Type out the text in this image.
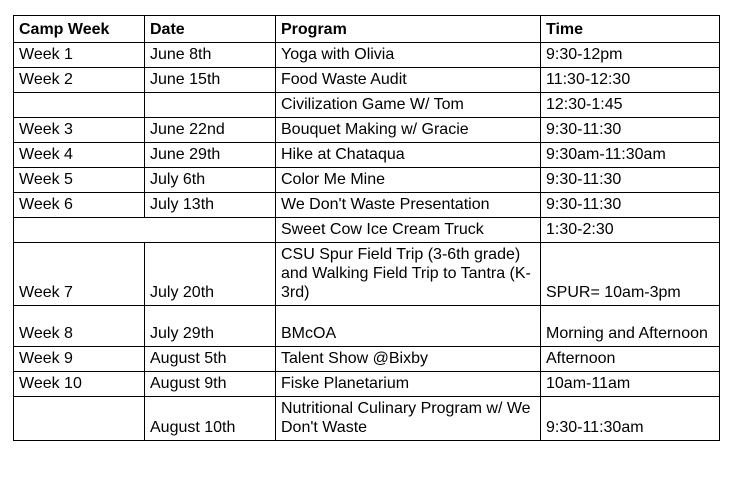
Camp Week	Date	Program	Time
Week 1	June 8th	Yoga with Olivia	9:30-12pm
Week 2	June 15th	Food Waste Audit	11:30-12:30
		Civilization Game W/ Tom	12:30-1:45
Week 3	June 22nd	Bouquet Making w/ Gracie	9:30-11:30
Week 4	June 29th	Hike at Chataqua	9:30am-11:30am
Week 5	July 6th	Color Me Mine	9:30-11:30
Week 6	July 13th	We Don't Waste Presentation	9:30-11:30
		Sweet Cow Ice Cream Truck	1:30-2:30
Week 7	July 20th	CSU Spur Field Trip (3-6th grade) and Walking Field Trip to Tantra (K-3rd)	SPUR= 10am-3pm
Week 8	July 29th	BMcOA	Morning and Afternoon
Week 9	August 5th	Talent Show @Bixby	Afternoon
Week 10	August 9th	Fiske Planetarium	10am-11am
	August 10th	Nutritional Culinary Program w/ We Don't Waste	9:30-11:30am
